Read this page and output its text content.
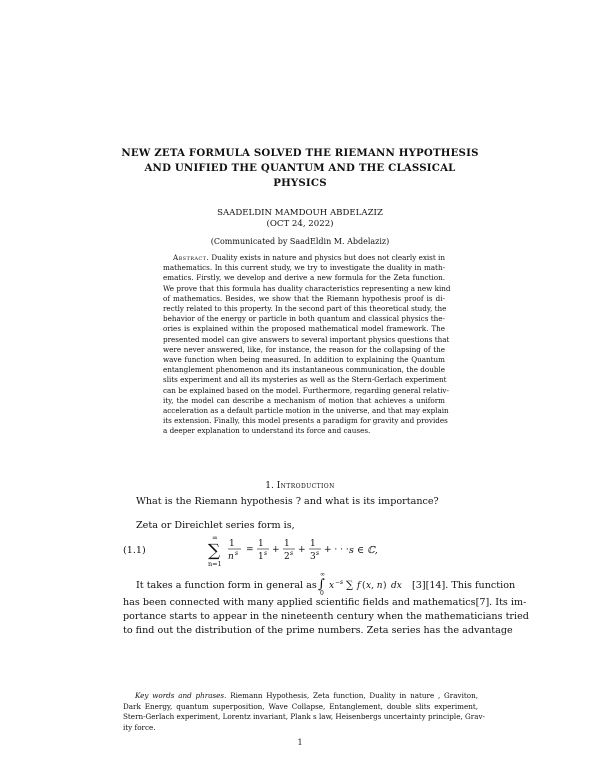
NEW ZETA FORMULA SOLVED THE RIEMANN HYPOTHESIS
AND UNIFIED THE QUANTUM AND THE CLASSICAL
PHYSICS
SAADELDIN MAMDOUH ABDELAZIZ
(OCT 24, 2022)
(Communicated by SaadEldin M. Abdelaziz)
Abstract. Duality exists in nature and physics but does not clearly exist in
mathematics. In this current study, we try to investigate the duality in math-
ematics. Firstly, we develop and derive a new formula for the Zeta function.
We prove that this formula has duality characteristics representing a new kind
of mathematics. Besides, we show that the Riemann hypothesis proof is di-
rectly related to this property. In the second part of this theoretical study, the
behavior of the energy or particle in both quantum and classical physics the-
ories is explained within the proposed mathematical model framework. The
presented model can give answers to several important physics questions that
were never answered, like, for instance, the reason for the collapsing of the
wave function when being measured. In addition to explaining the Quantum
entanglement phenomenon and its instantaneous communication, the double
slits experiment and all its mysteries as well as the Stern-Gerlach experiment
can be explained based on the model. Furthermore, regarding general relativ-
ity, the model can describe a mechanism of motion that achieves a uniform
acceleration as a default particle motion in the universe, and that may explain
its extension. Finally, this model presents a paradigm for gravity and provides
a deeper explanation to understand its force and causes.
1. Introduction
What is the Riemann hypothesis ? and what is its importance?
Zeta or Direichlet series form is,
(1.1)
∞
∑
n=1
1
n s =
1
1 s +
1
2 s +
1
3 s + · · · s ∈ ℂ,
It takes a function form in general as
∞
∫
0
x −s ∑ f ( x, n ) dx [3][14]. This function
has been connected with many applied scientific fields and mathematics[7]. Its im-
portance starts to appear in the nineteenth century when the mathematicians tried
to find out the distribution of the prime numbers. Zeta series has the advantage
Key words and phrases. Riemann Hypothesis, Zeta function, Duality in nature , Graviton,
Dark Energy, quantum superposition, Wave Collapse, Entanglement, double slits experiment,
Stern-Gerlach experiment, Lorentz invariant, Plank s law, Heisenbergs uncertainty principle, Grav-
ity force.
1
